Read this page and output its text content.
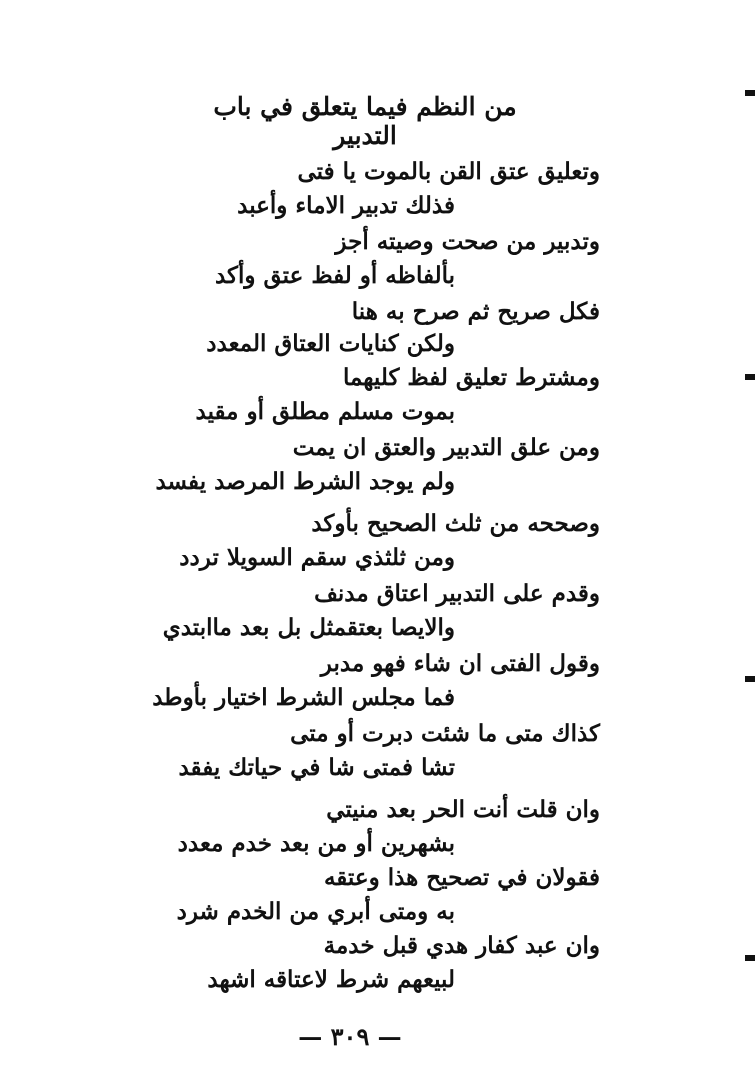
من النظم فيما يتعلق في باب التدبير
وتعليق عتق القن بالموت يا فتى
فذلك تدبير الاماء وأعبد
وتدبير من صحت وصيته أجز
بألفاظه أو لفظ عتق وأكد
فكل صريح ثم صرح به هنا
ولكن كنايات العتاق المعدد
ومشترط تعليق لفظ كليهما
بموت مسلم مطلق أو مقيد
ومن علق التدبير والعتق ان يمت
ولم يوجد الشرط المرصد يفسد
وصححه من ثلث الصحيح بأوكد
ومن ثلثذي سقم السويلا تردد
وقدم على التدبير اعتاق مدنف
والايصا بعتقمثل بل بعد ماابتدي
وقول الفتى ان شاء فهو مدبر
فما مجلس الشرط اختيار بأوطد
كذاك متى ما شئت دبرت أو متى
تشا فمتى شا في حياتك يفقد
وان قلت أنت الحر بعد منيتي
بشهرين أو من بعد خدم معدد
فقولان في تصحيح هذا وعتقه
به ومتى أبري من الخدم شرد
وان عبد كفار هدي قبل خدمة
لبيعهم شرط لاعتاقه اشهد
— ٣٠٩ —
